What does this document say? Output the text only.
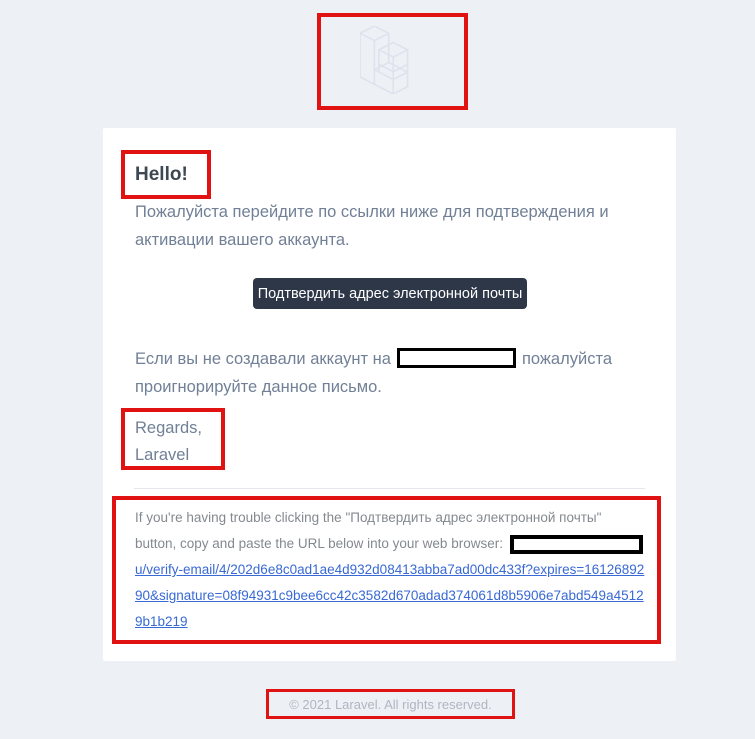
Hello!

Пожалуйста перейдите по ссылки ниже для подтверждения и
активации вашего аккаунта.

Подтвердить адрес электронной почты

Если вы не создавали аккаунт на	пожалуйста
проигнорируйте данное письмо.

Regards,
Laravel

If you're having trouble clicking the "Подтвердить адрес электронной почты"
button, copy and paste the URL below into your web browser:
u/verify-email/4/202d6e8c0ad1ae4d932d08413abba7ad00dc433f?expires=1612689290&signature=08f94931c9bee6cc42c3582d670adad374061d8b5906e7abd549a45129b1b219

© 2021 Laravel. All rights reserved.
